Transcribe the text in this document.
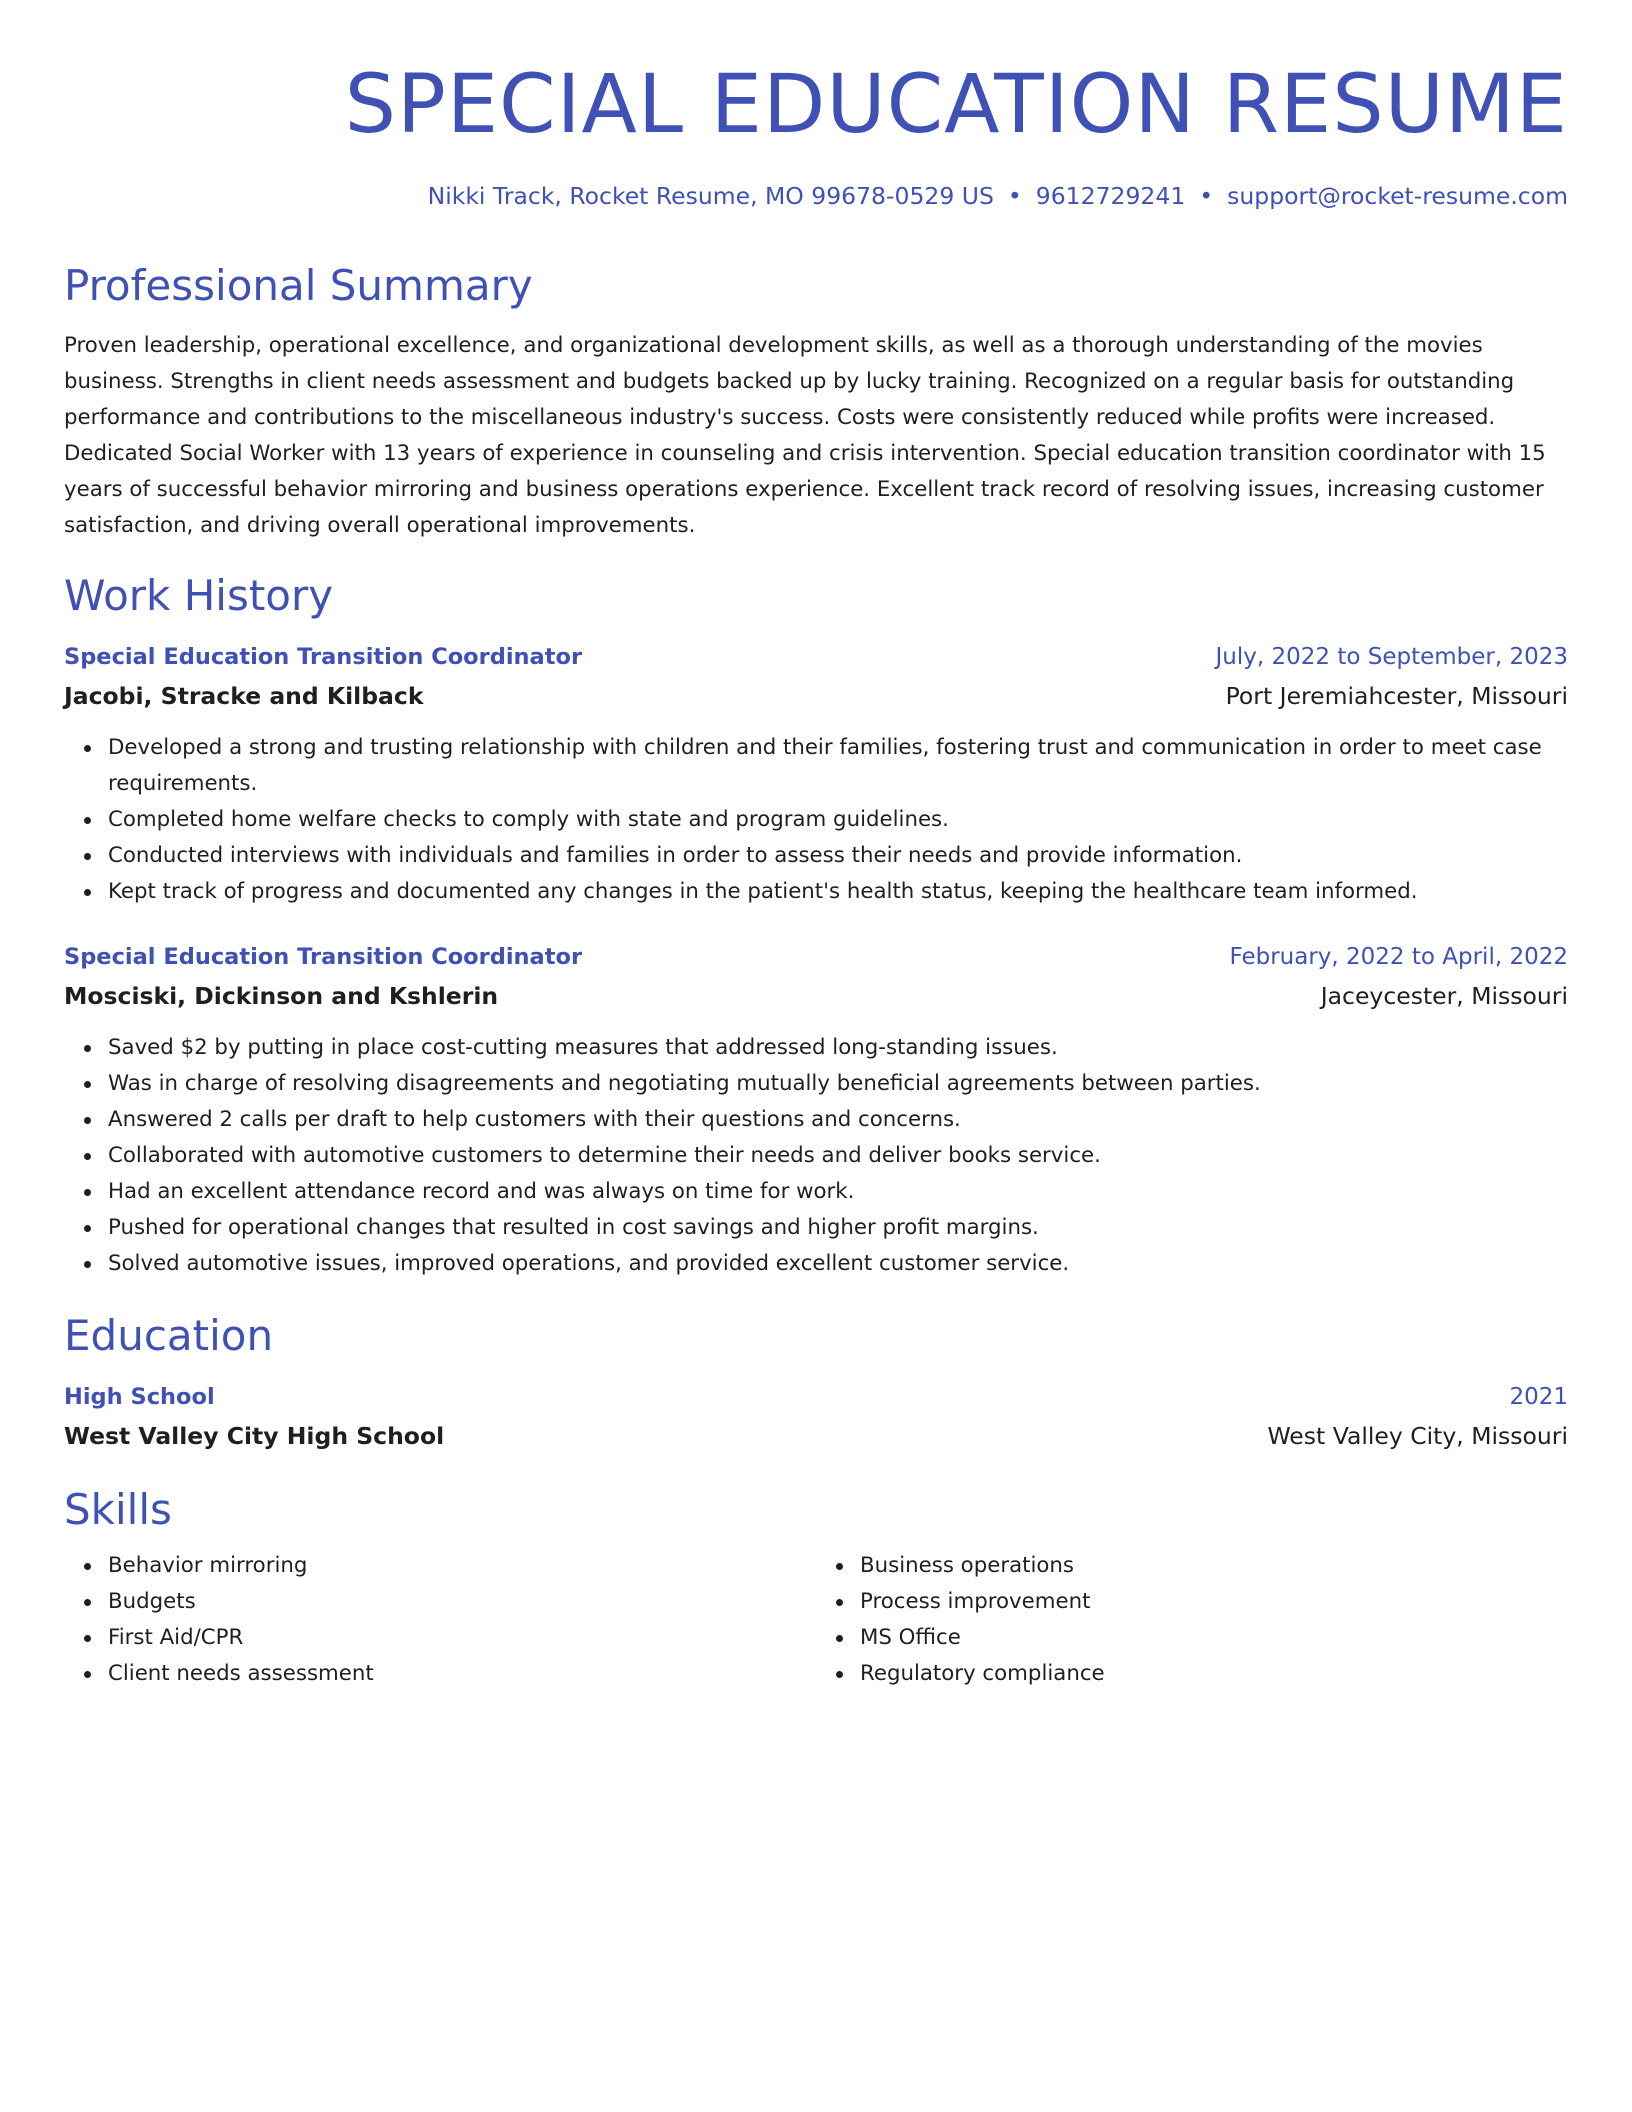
SPECIAL EDUCATION RESUME
Nikki Track, Rocket Resume, MO 99678-0529 US • 9612729241 • support@rocket-resume.com
Professional Summary
Proven leadership, operational excellence, and organizational development skills, as well as a thorough understanding of the movies business. Strengths in client needs assessment and budgets backed up by lucky training. Recognized on a regular basis for outstanding performance and contributions to the miscellaneous industry's success. Costs were consistently reduced while profits were increased. Dedicated Social Worker with 13 years of experience in counseling and crisis intervention. Special education transition coordinator with 15 years of successful behavior mirroring and business operations experience. Excellent track record of resolving issues, increasing customer satisfaction, and driving overall operational improvements.
Work History
Special Education Transition Coordinator	July, 2022 to September, 2023
Jacobi, Stracke and Kilback	Port Jeremiahcester, Missouri
Developed a strong and trusting relationship with children and their families, fostering trust and communication in order to meet case requirements.
Completed home welfare checks to comply with state and program guidelines.
Conducted interviews with individuals and families in order to assess their needs and provide information.
Kept track of progress and documented any changes in the patient's health status, keeping the healthcare team informed.
Special Education Transition Coordinator	February, 2022 to April, 2022
Mosciski, Dickinson and Kshlerin	Jaceycester, Missouri
Saved $2 by putting in place cost-cutting measures that addressed long-standing issues.
Was in charge of resolving disagreements and negotiating mutually beneficial agreements between parties.
Answered 2 calls per draft to help customers with their questions and concerns.
Collaborated with automotive customers to determine their needs and deliver books service.
Had an excellent attendance record and was always on time for work.
Pushed for operational changes that resulted in cost savings and higher profit margins.
Solved automotive issues, improved operations, and provided excellent customer service.
Education
High School	2021
West Valley City High School	West Valley City, Missouri
Skills
Behavior mirroring
Budgets
First Aid/CPR
Client needs assessment
Business operations
Process improvement
MS Office
Regulatory compliance
